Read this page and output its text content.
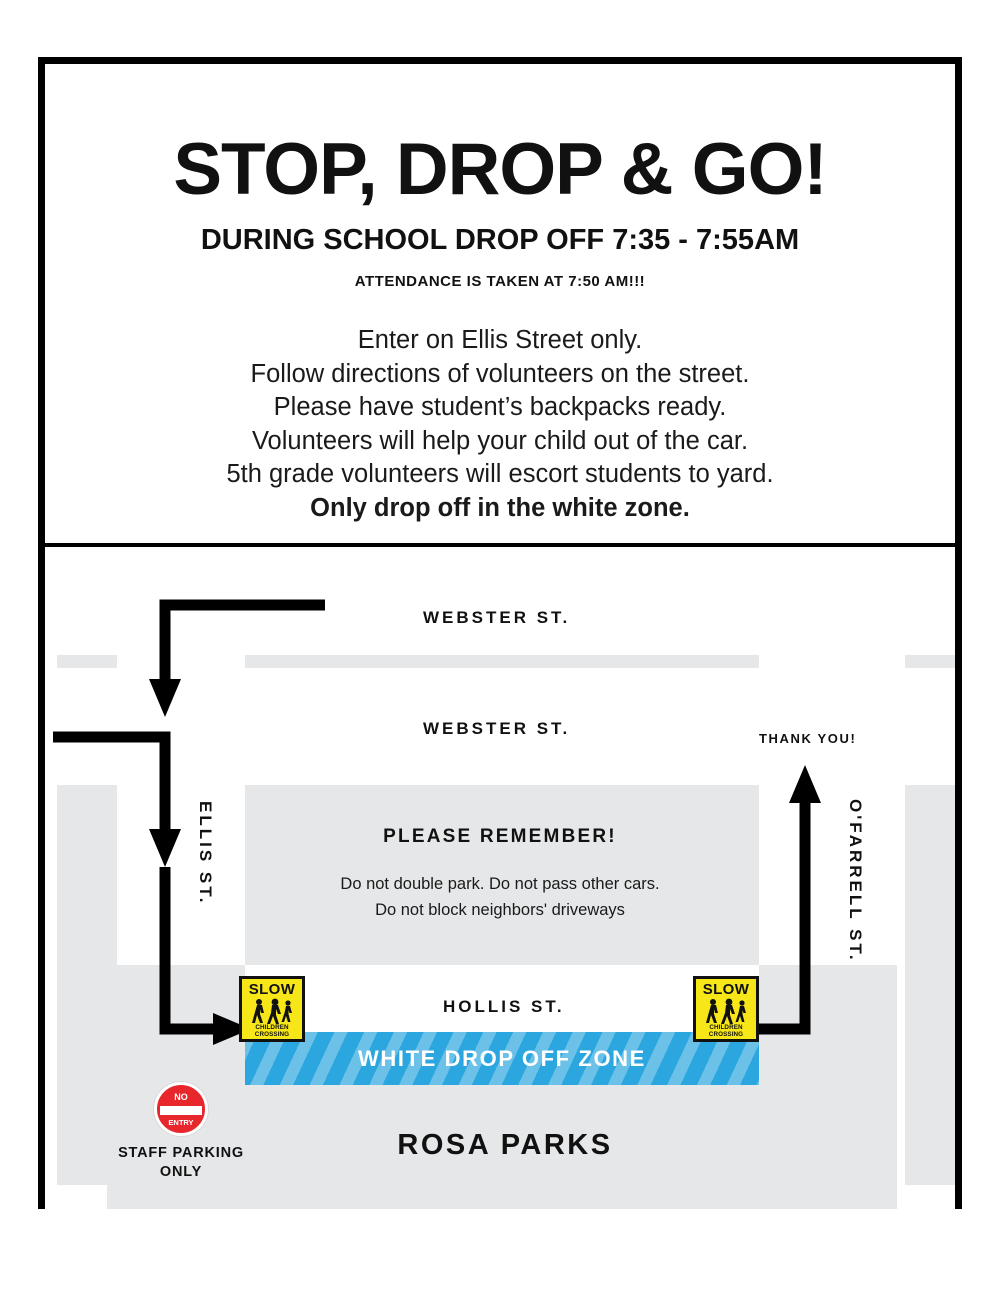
STOP, DROP & GO!
DURING SCHOOL DROP OFF 7:35 - 7:55AM
ATTENDANCE IS TAKEN AT 7:50 AM!!!
Enter on Ellis Street only.
Follow directions of volunteers on the street.
Please have student’s backpacks ready.
Volunteers will help your child out of the car.
5th grade volunteers will escort students to yard.
Only drop off in the white zone.
WEBSTER ST.
WEBSTER ST.
HOLLIS ST.
ELLIS ST.	O'FARRELL ST.
THANK YOU!
PLEASE REMEMBER!
Do not double park. Do not pass other cars.
Do not block neighbors' driveways
WHITE DROP OFF ZONE
SLOW
CHILDREN
CROSSING
SLOW
CHILDREN
CROSSING
NO
ENTRY
STAFF PARKING ONLY
ROSA PARKS
